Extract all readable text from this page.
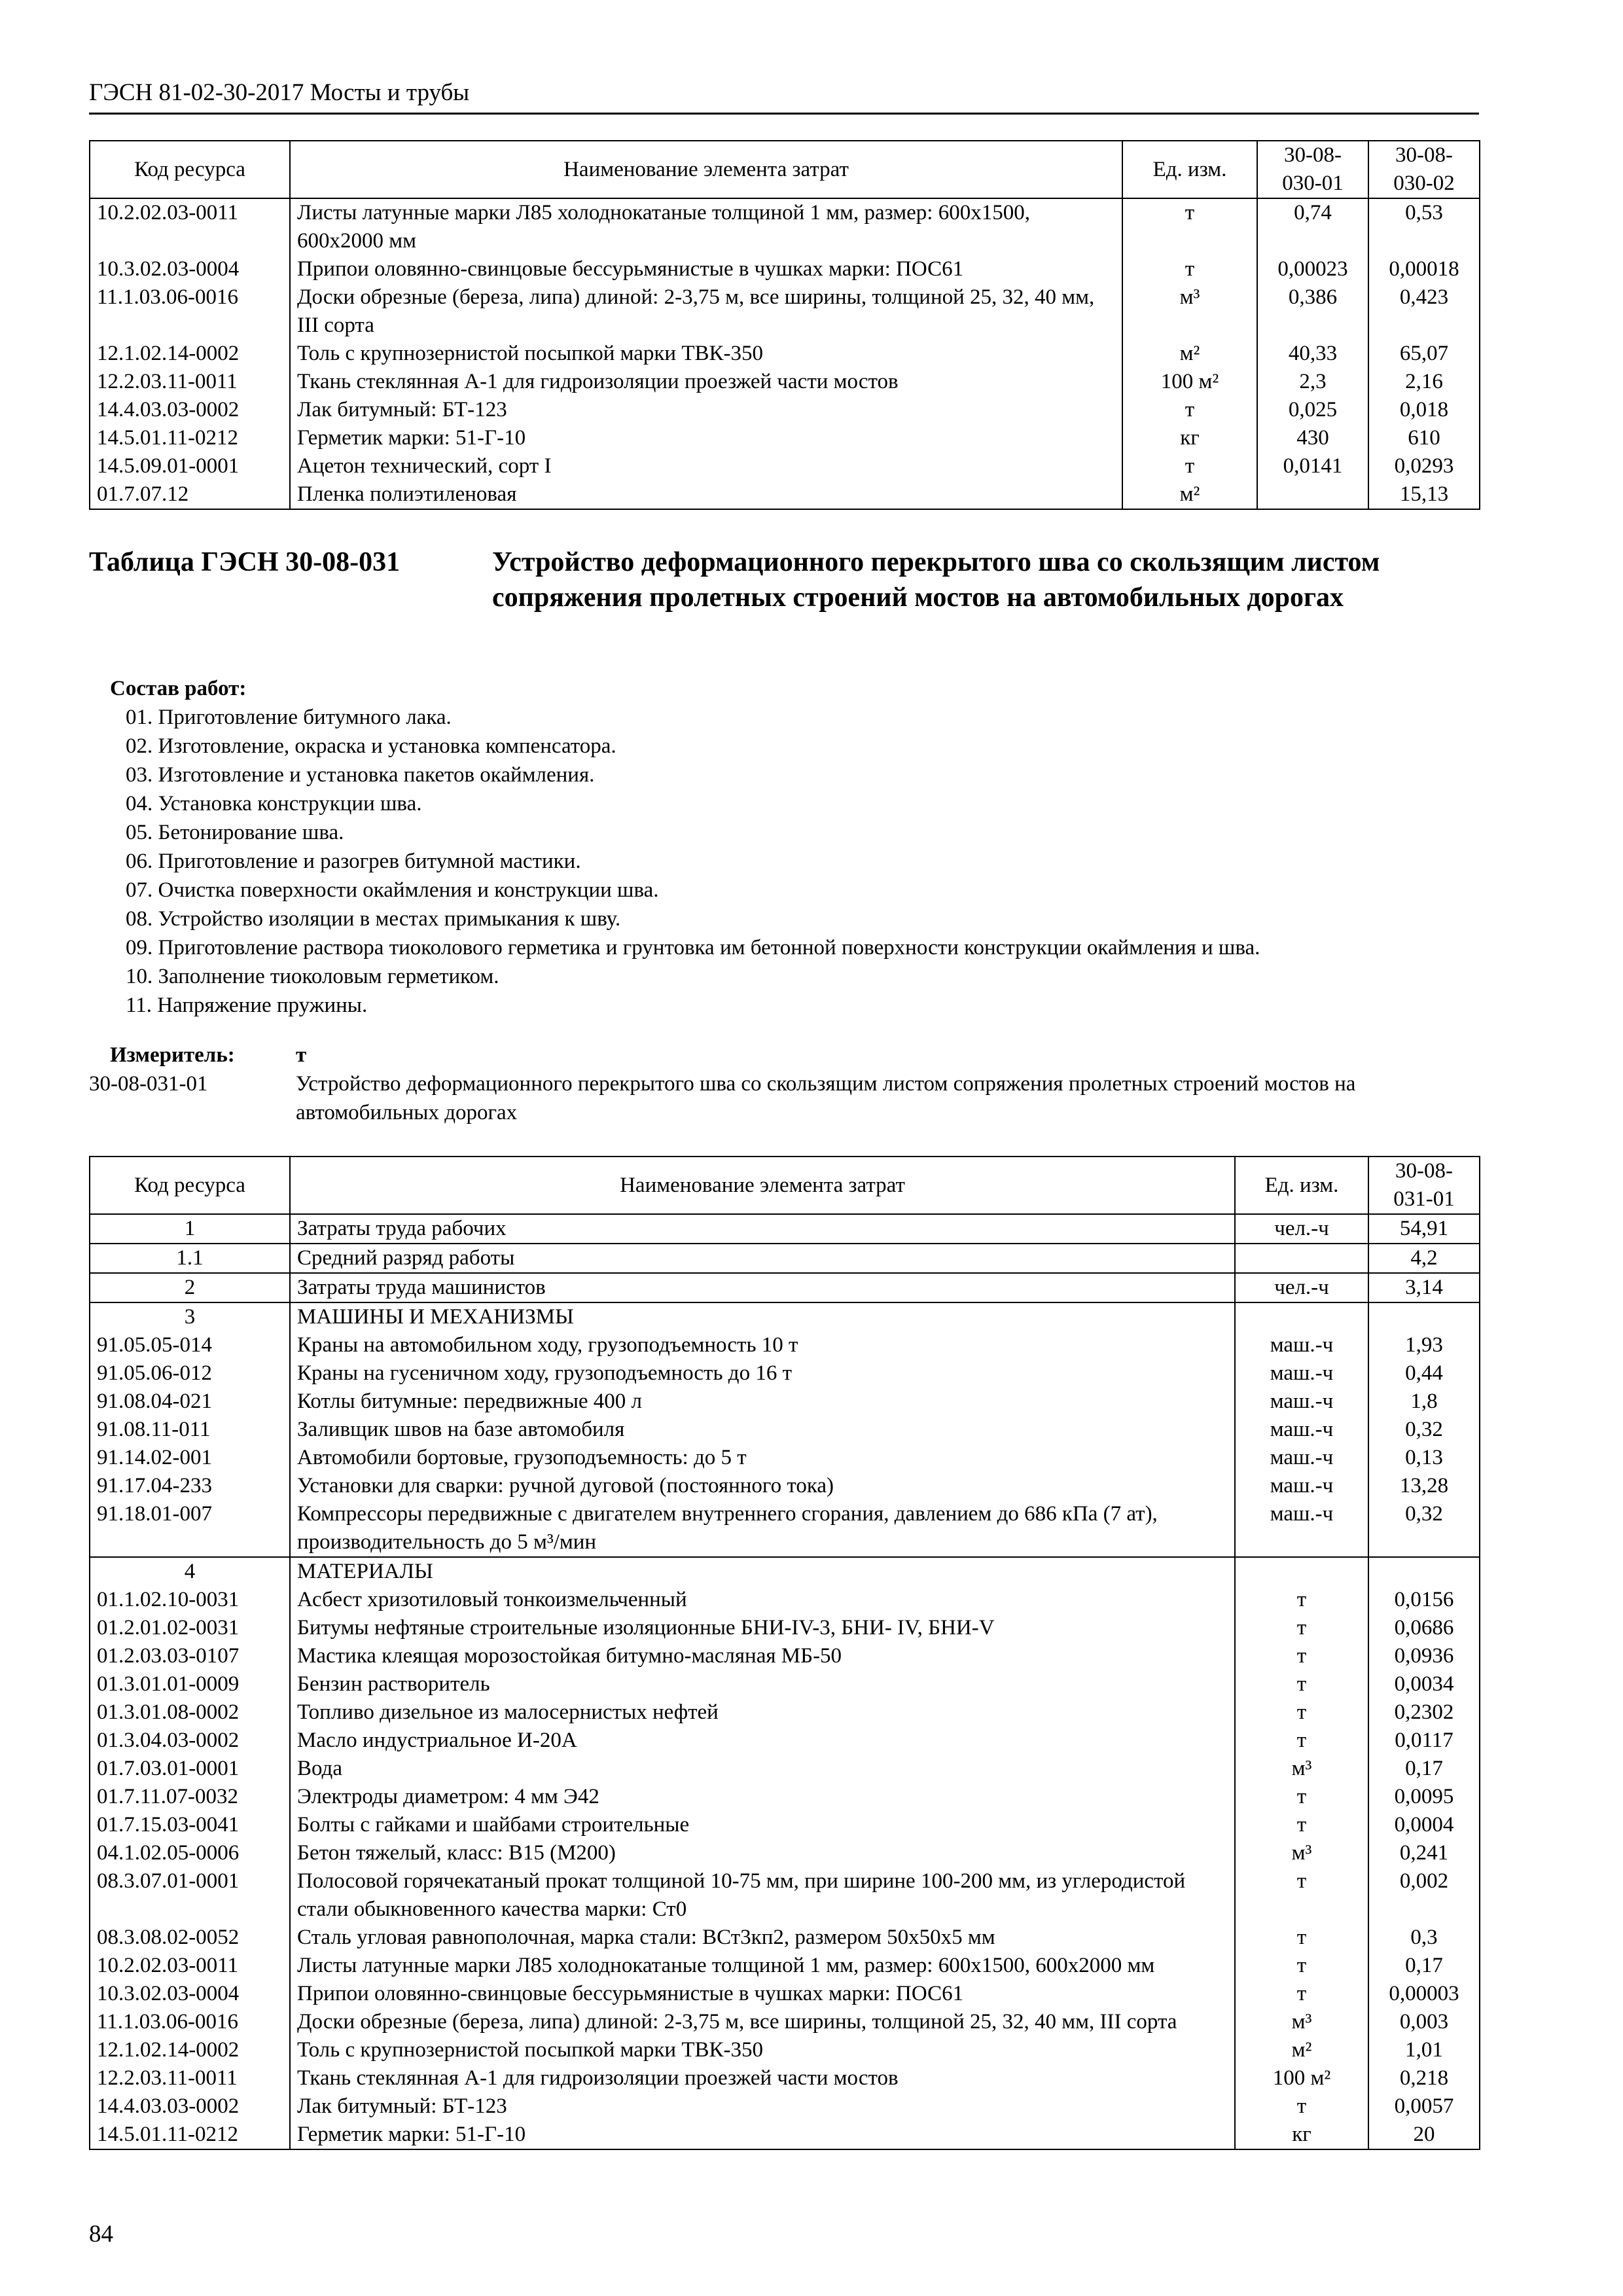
ГЭСН 81-02-30-2017 Мосты и трубы
Код ресурса	Наименование элемента затрат	Ед. изм.	30-08-030-01	30-08-030-02
10.2.02.03-0011	Листы латунные марки Л85 холоднокатаные толщиной 1 мм, размер: 600х1500, 600х2000 мм	т	0,74	0,53
10.3.02.03-0004	Припои оловянно-свинцовые бессурьмянистые в чушках марки: ПОС61	т	0,00023	0,00018
11.1.03.06-0016	Доски обрезные (береза, липа) длиной: 2-3,75 м, все ширины, толщиной 25, 32, 40 мм, III сорта	м³	0,386	0,423
12.1.02.14-0002	Толь с крупнозернистой посыпкой марки ТВК-350	м²	40,33	65,07
12.2.03.11-0011	Ткань стеклянная А-1 для гидроизоляции проезжей части мостов	100 м²	2,3	2,16
14.4.03.03-0002	Лак битумный: БТ-123	т	0,025	0,018
14.5.01.11-0212	Герметик марки: 51-Г-10	кг	430	610
14.5.09.01-0001	Ацетон технический, сорт I	т	0,0141	0,0293
01.7.07.12	Пленка полиэтиленовая	м²		15,13
Таблица ГЭСН 30-08-031	Устройство деформационного перекрытого шва со скользящим листом сопряжения пролетных строений мостов на автомобильных дорогах
Состав работ:
01. Приготовление битумного лака.
02. Изготовление, окраска и установка компенсатора.
03. Изготовление и установка пакетов окаймления.
04. Установка конструкции шва.
05. Бетонирование шва.
06. Приготовление и разогрев битумной мастики.
07. Очистка поверхности окаймления и конструкции шва.
08. Устройство изоляции в местах примыкания к шву.
09. Приготовление раствора тиоколового герметика и грунтовка им бетонной поверхности конструкции окаймления и шва.
10. Заполнение тиоколовым герметиком.
11. Напряжение пружины.
Измеритель:	т
30-08-031-01	Устройство деформационного перекрытого шва со скользящим листом сопряжения пролетных строений мостов на автомобильных дорогах
Код ресурса	Наименование элемента затрат	Ед. изм.	30-08-031-01
1	Затраты труда рабочих	чел.-ч	54,91
1.1	Средний разряд работы		4,2
2	Затраты труда машинистов	чел.-ч	3,14
3	МАШИНЫ И МЕХАНИЗМЫ		
91.05.05-014	Краны на автомобильном ходу, грузоподъемность 10 т	маш.-ч	1,93
91.05.06-012	Краны на гусеничном ходу, грузоподъемность до 16 т	маш.-ч	0,44
91.08.04-021	Котлы битумные: передвижные 400 л	маш.-ч	1,8
91.08.11-011	Заливщик швов на базе автомобиля	маш.-ч	0,32
91.14.02-001	Автомобили бортовые, грузоподъемность: до 5 т	маш.-ч	0,13
91.17.04-233	Установки для сварки: ручной дуговой (постоянного тока)	маш.-ч	13,28
91.18.01-007	Компрессоры передвижные с двигателем внутреннего сгорания, давлением до 686 кПа (7 ат), производительность до 5 м³/мин	маш.-ч	0,32
4	МАТЕРИАЛЫ		
01.1.02.10-0031	Асбест хризотиловый тонкоизмельченный	т	0,0156
01.2.01.02-0031	Битумы нефтяные строительные изоляционные БНИ-IV-3, БНИ- IV, БНИ-V	т	0,0686
01.2.03.03-0107	Мастика клеящая морозостойкая битумно-масляная МБ-50	т	0,0936
01.3.01.01-0009	Бензин растворитель	т	0,0034
01.3.01.08-0002	Топливо дизельное из малосернистых нефтей	т	0,2302
01.3.04.03-0002	Масло индустриальное И-20А	т	0,0117
01.7.03.01-0001	Вода	м³	0,17
01.7.11.07-0032	Электроды диаметром: 4 мм Э42	т	0,0095
01.7.15.03-0041	Болты с гайками и шайбами строительные	т	0,0004
04.1.02.05-0006	Бетон тяжелый, класс: В15 (М200)	м³	0,241
08.3.07.01-0001	Полосовой горячекатаный прокат толщиной 10-75 мм, при ширине 100-200 мм, из углеродистой стали обыкновенного качества марки: Ст0	т	0,002
08.3.08.02-0052	Сталь угловая равнополочная, марка стали: ВСт3кп2, размером 50х50х5 мм	т	0,3
10.2.02.03-0011	Листы латунные марки Л85 холоднокатаные толщиной 1 мм, размер: 600х1500, 600х2000 мм	т	0,17
10.3.02.03-0004	Припои оловянно-свинцовые бессурьмянистые в чушках марки: ПОС61	т	0,00003
11.1.03.06-0016	Доски обрезные (береза, липа) длиной: 2-3,75 м, все ширины, толщиной 25, 32, 40 мм, III сорта	м³	0,003
12.1.02.14-0002	Толь с крупнозернистой посыпкой марки ТВК-350	м²	1,01
12.2.03.11-0011	Ткань стеклянная А-1 для гидроизоляции проезжей части мостов	100 м²	0,218
14.4.03.03-0002	Лак битумный: БТ-123	т	0,0057
14.5.01.11-0212	Герметик марки: 51-Г-10	кг	20
84
